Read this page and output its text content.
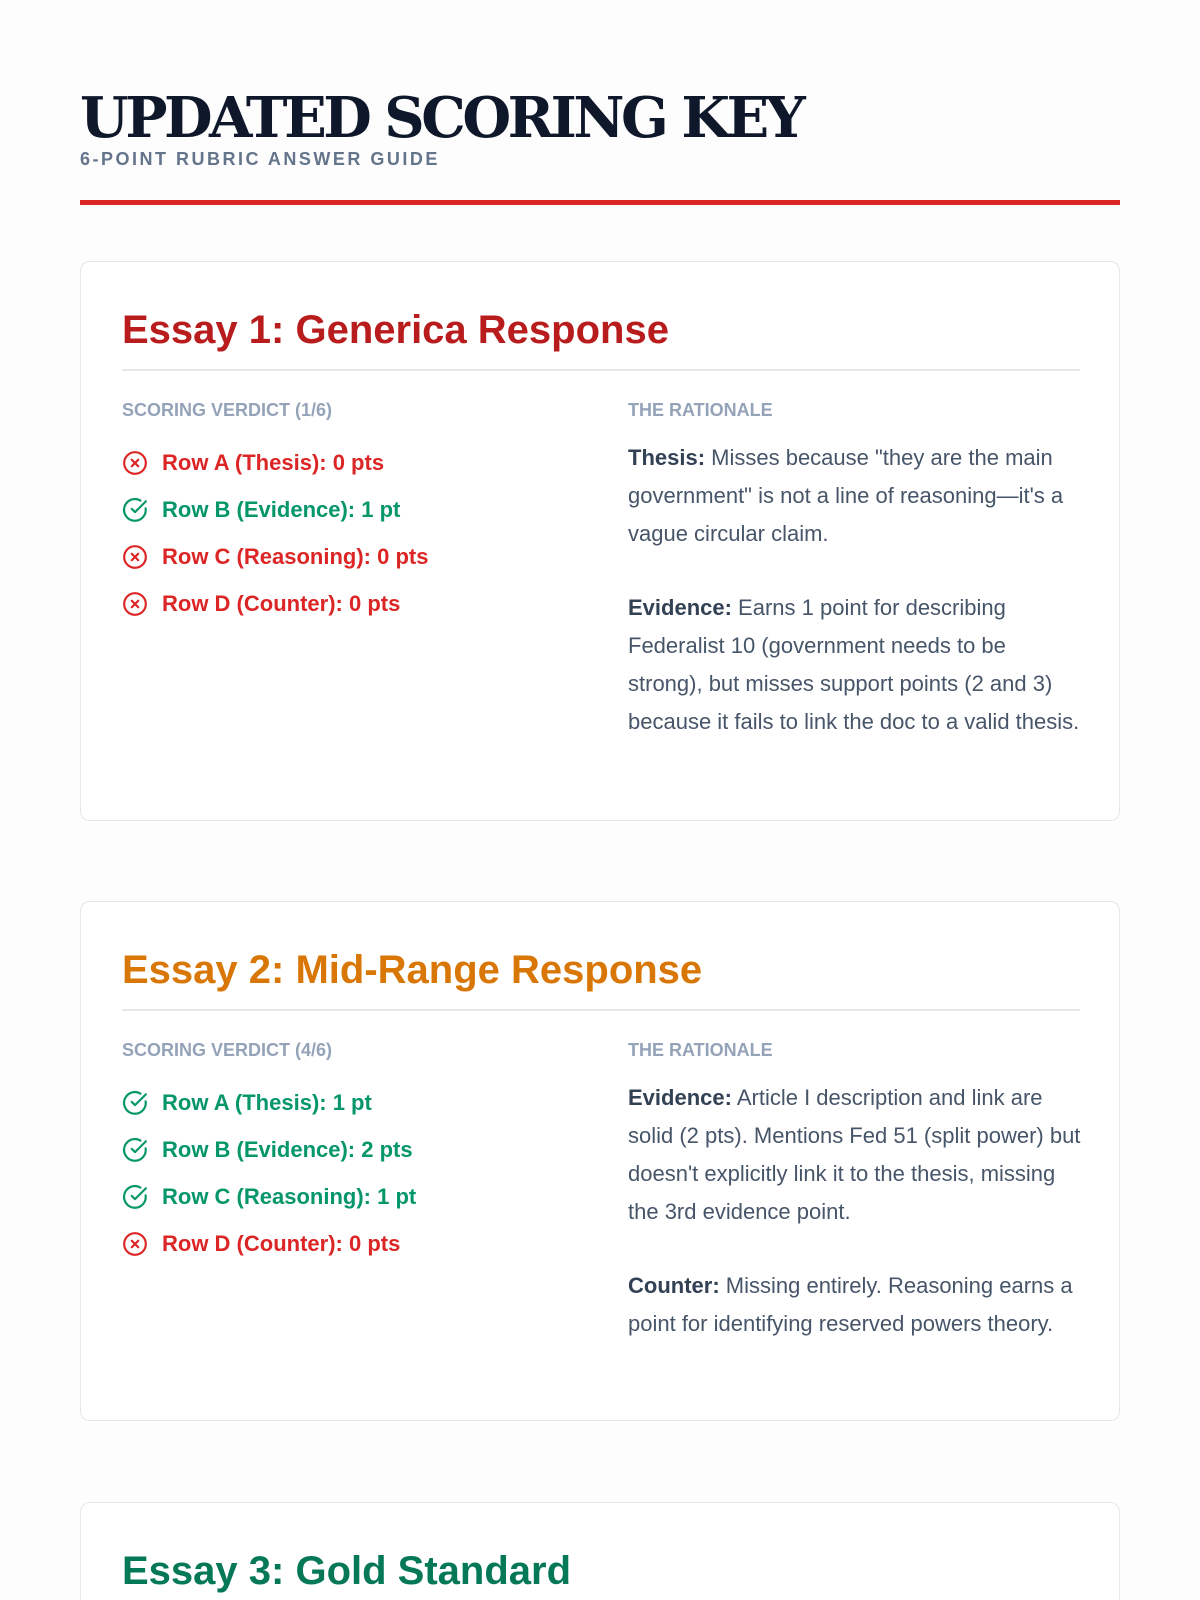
UPDATED SCORING KEY
6-POINT RUBRIC ANSWER GUIDE
Essay 1: Generica Response
SCORING VERDICT (1/6)
Row A (Thesis): 0 pts
Row B (Evidence): 1 pt
Row C (Reasoning): 0 pts
Row D (Counter): 0 pts
THE RATIONALE

Thesis: Misses because "they are the main government" is not a line of reasoning—it's a vague circular claim.

Evidence: Earns 1 point for describing Federalist 10 (government needs to be strong), but misses support points (2 and 3) because it fails to link the doc to a valid thesis.

Essay 2: Mid-Range Response
SCORING VERDICT (4/6)
Row A (Thesis): 1 pt
Row B (Evidence): 2 pts
Row C (Reasoning): 1 pt
Row D (Counter): 0 pts
THE RATIONALE

Evidence: Article I description and link are solid (2 pts). Mentions Fed 51 (split power) but doesn't explicitly link it to the thesis, missing the 3rd evidence point.

Counter: Missing entirely. Reasoning earns a point for identifying reserved powers theory.

Essay 3: Gold Standard
